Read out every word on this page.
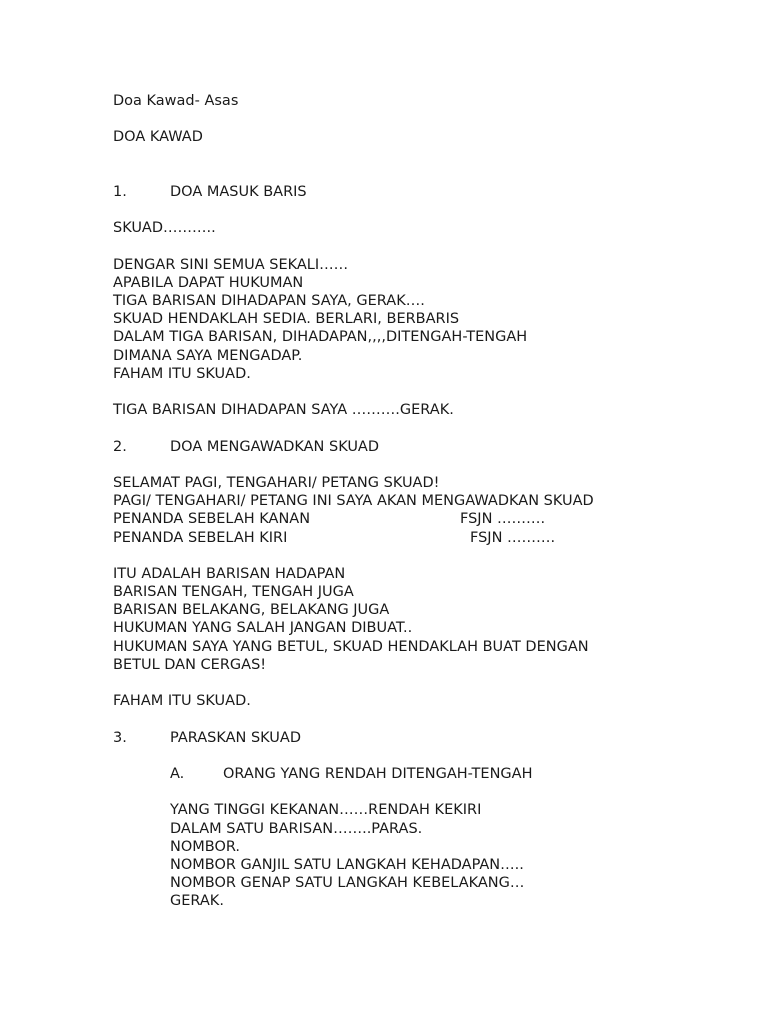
Doa Kawad- Asas
DOA KAWAD
1.	DOA MASUK BARIS
SKUAD………..
DENGAR SINI SEMUA SEKALI……
APABILA DAPAT HUKUMAN
TIGA BARISAN DIHADAPAN SAYA, GERAK….
SKUAD HENDAKLAH SEDIA. BERLARI, BERBARIS
DALAM TIGA BARISAN, DIHADAPAN,,,,DITENGAH-TENGAH
DIMANA SAYA MENGADAP.
FAHAM ITU SKUAD.
TIGA BARISAN DIHADAPAN SAYA ……….GERAK.
2.	DOA MENGAWADKAN SKUAD
SELAMAT PAGI, TENGAHARI/ PETANG SKUAD!
PAGI/ TENGAHARI/ PETANG INI SAYA AKAN MENGAWADKAN SKUAD
PENANDA SEBELAH KANAN	FSJN ……….
PENANDA SEBELAH KIRI	FSJN ……….
ITU ADALAH BARISAN HADAPAN
BARISAN TENGAH, TENGAH JUGA
BARISAN BELAKANG, BELAKANG JUGA
HUKUMAN YANG SALAH JANGAN DIBUAT..
HUKUMAN SAYA YANG BETUL, SKUAD HENDAKLAH BUAT DENGAN
BETUL DAN CERGAS!
FAHAM ITU SKUAD.
3.	PARASKAN SKUAD
A.	ORANG YANG RENDAH DITENGAH-TENGAH
YANG TINGGI KEKANAN……RENDAH KEKIRI
DALAM SATU BARISAN……..PARAS.
NOMBOR.
NOMBOR GANJIL SATU LANGKAH KEHADAPAN…..
NOMBOR GENAP SATU LANGKAH KEBELAKANG…
GERAK.
